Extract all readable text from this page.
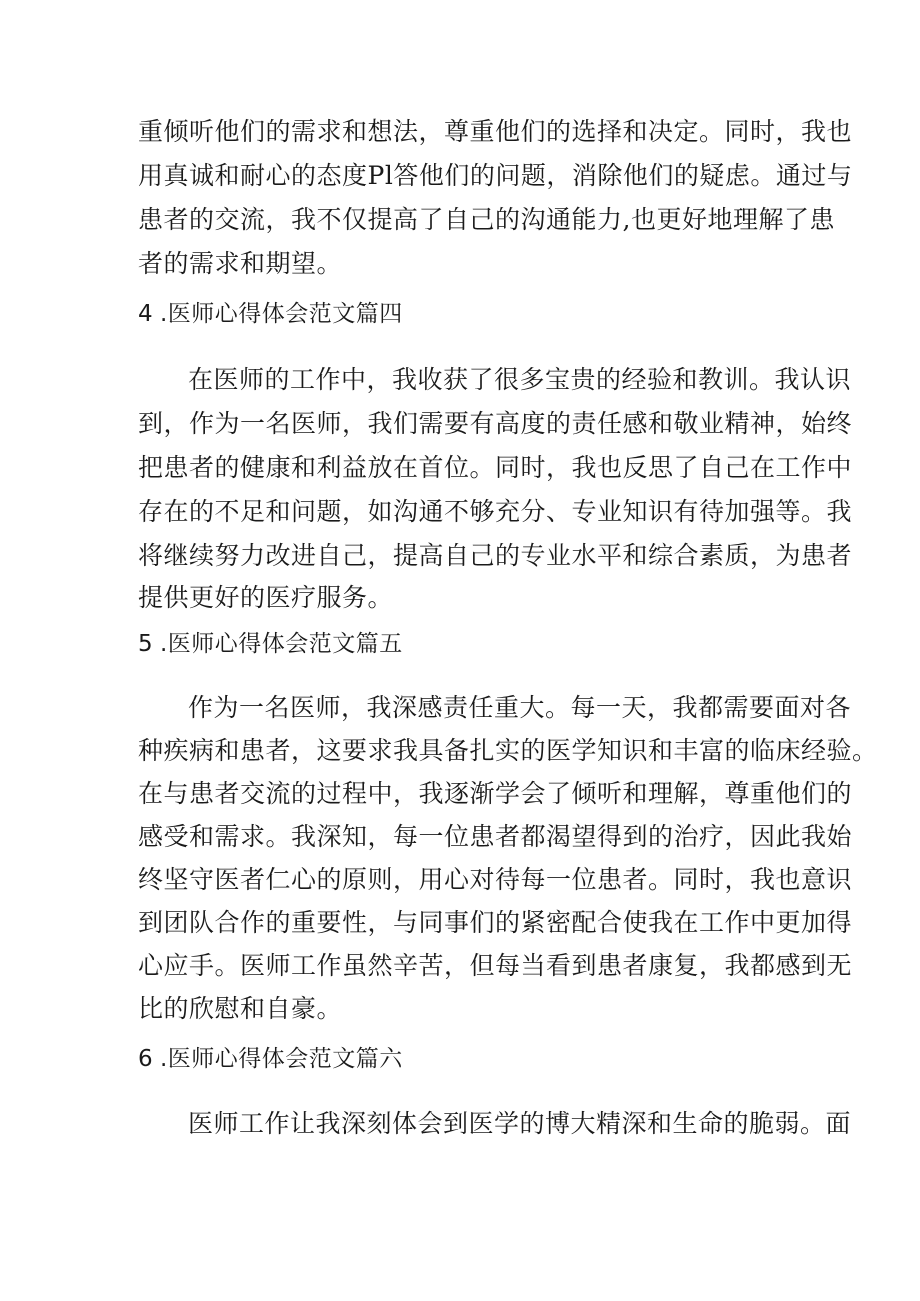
重倾听他们的需求和想法，尊重他们的选择和决定。同时，我也
用真诚和耐心的态度Pl答他们的问题，消除他们的疑虑。通过与
患者的交流，我不仅提高了自己的沟通能力,也更好地理解了患
者的需求和期望。
4 .医师心得体会范文篇四
在医师的工作中，我收获了很多宝贵的经验和教训。我认识
到，作为一名医师，我们需要有高度的责任感和敬业精神，始终
把患者的健康和利益放在首位。同时，我也反思了自己在工作中
存在的不足和问题，如沟通不够充分、专业知识有待加强等。我
将继续努力改进自己，提高自己的专业水平和综合素质，为患者
提供更好的医疗服务。
5 .医师心得体会范文篇五
作为一名医师，我深感责任重大。每一天，我都需要面对各
种疾病和患者，这要求我具备扎实的医学知识和丰富的临床经验。
在与患者交流的过程中，我逐渐学会了倾听和理解，尊重他们的
感受和需求。我深知，每一位患者都渴望得到的治疗，因此我始
终坚守医者仁心的原则，用心对待每一位患者。同时，我也意识
到团队合作的重要性，与同事们的紧密配合使我在工作中更加得
心应手。医师工作虽然辛苦，但每当看到患者康复，我都感到无
比的欣慰和自豪。
6 .医师心得体会范文篇六
医师工作让我深刻体会到医学的博大精深和生命的脆弱。面
